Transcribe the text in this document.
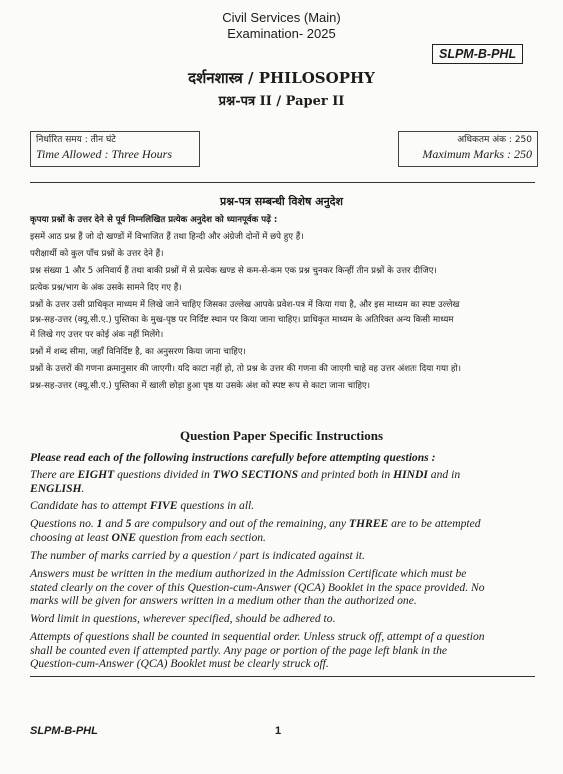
Civil Services (Main)
Examination- 2025
SLPM-B-PHL
दर्शनशास्त्र / PHILOSOPHY
प्रश्न-पत्र II / Paper II
निर्धारित समय : तीन घंटे
Time Allowed : Three Hours
अधिकतम अंक : 250
Maximum Marks : 250
प्रश्न-पत्र सम्बन्धी विशेष अनुदेश
कृपया प्रश्नों के उत्तर देने से पूर्व निम्नलिखित प्रत्येक अनुदेश को ध्यानपूर्वक पढ़ें :
इसमें आठ प्रश्न हैं जो दो खण्डों में विभाजित हैं तथा हिन्दी और अंग्रेजी दोनों में छपे हुए हैं।
परीक्षार्थी को कुल पाँच प्रश्नों के उत्तर देने हैं।
प्रश्न संख्या 1 और 5 अनिवार्य हैं तथा बाकी प्रश्नों में से प्रत्येक खण्ड से कम-से-कम एक प्रश्न चुनकर किन्हीं तीन प्रश्नों के उत्तर दीजिए।
प्रत्येक प्रश्न/भाग के अंक उसके सामने दिए गए हैं।
प्रश्नों के उत्तर उसी प्राधिकृत माध्यम में लिखे जाने चाहिए जिसका उल्लेख आपके प्रवेश-पत्र में किया गया है, और इस माध्यम का स्पष्ट उल्लेख
प्रश्न-सह-उत्तर (क्यू.सी.ए.) पुस्तिका के मुख-पृष्ठ पर निर्दिष्ट स्थान पर किया जाना चाहिए। प्राधिकृत माध्यम के अतिरिक्त अन्य किसी माध्यम
में लिखे गए उत्तर पर कोई अंक नहीं मिलेंगे।
प्रश्नों में शब्द सीमा, जहाँ विनिर्दिष्ट है, का अनुसरण किया जाना चाहिए।
प्रश्नों के उत्तरों की गणना क्रमानुसार की जाएगी। यदि काटा नहीं हो, तो प्रश्न के उत्तर की गणना की जाएगी चाहे वह उत्तर अंशतः दिया गया हो।
प्रश्न-सह-उत्तर (क्यू.सी.ए.) पुस्तिका में खाली छोड़ा हुआ पृष्ठ या उसके अंश को स्पष्ट रूप से काटा जाना चाहिए।
Question Paper Specific Instructions
Please read each of the following instructions carefully before attempting questions :
There are EIGHT questions divided in TWO SECTIONS and printed both in HINDI and in
ENGLISH.
Candidate has to attempt FIVE questions in all.
Questions no. 1 and 5 are compulsory and out of the remaining, any THREE are to be attempted
choosing at least ONE question from each section.
The number of marks carried by a question / part is indicated against it.
Answers must be written in the medium authorized in the Admission Certificate which must be
stated clearly on the cover of this Question-cum-Answer (QCA) Booklet in the space provided. No
marks will be given for answers written in a medium other than the authorized one.
Word limit in questions, wherever specified, should be adhered to.
Attempts of questions shall be counted in sequential order. Unless struck off, attempt of a question
shall be counted even if attempted partly. Any page or portion of the page left blank in the
Question-cum-Answer (QCA) Booklet must be clearly struck off.
SLPM-B-PHL	1
